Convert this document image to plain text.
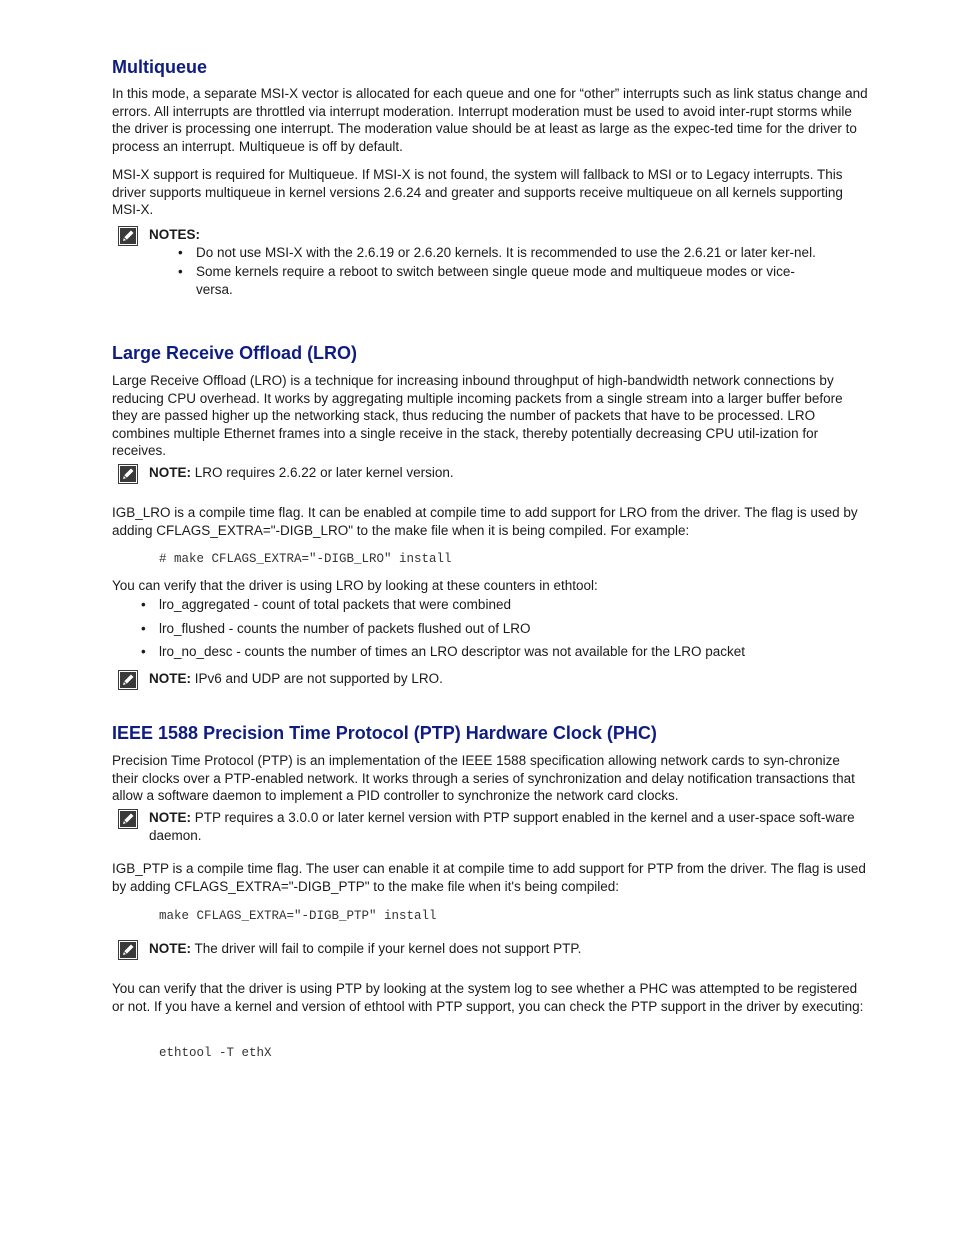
Multiqueue

In this mode, a separate MSI-X vector is allocated for each queue and one for “other” interrupts such as link status change and errors. All interrupts are throttled via interrupt moderation. Interrupt moderation must be used to avoid inter-rupt storms while the driver is processing one interrupt. The moderation value should be at least as large as the expec-ted time for the driver to process an interrupt. Multiqueue is off by default.

MSI-X support is required for Multiqueue. If MSI-X is not found, the system will fallback to MSI or to Legacy interrupts. This driver supports multiqueue in kernel versions 2.6.24 and greater and supports receive multiqueue on all kernels supporting MSI-X.

NOTES:
• Do not use MSI-X with the 2.6.19 or 2.6.20 kernels. It is recommended to use the 2.6.21 or later ker-nel.
• Some kernels require a reboot to switch between single queue mode and multiqueue modes or vice-versa.
Large Receive Offload (LRO)

Large Receive Offload (LRO) is a technique for increasing inbound throughput of high-bandwidth network connections by reducing CPU overhead. It works by aggregating multiple incoming packets from a single stream into a larger buffer before they are passed higher up the networking stack, thus reducing the number of packets that have to be processed. LRO combines multiple Ethernet frames into a single receive in the stack, thereby potentially decreasing CPU util-ization for receives.

NOTE: LRO requires 2.6.22 or later kernel version.

IGB_LRO is a compile time flag. It can be enabled at compile time to add support for LRO from the driver. The flag is used by adding CFLAGS_EXTRA="-DIGB_LRO" to the make file when it is being compiled. For example:

# make CFLAGS_EXTRA="-DIGB_LRO" install

You can verify that the driver is using LRO by looking at these counters in ethtool:

• lro_aggregated - count of total packets that were combined
• lro_flushed - counts the number of packets flushed out of LRO
• lro_no_desc - counts the number of times an LRO descriptor was not available for the LRO packet
NOTE: IPv6 and UDP are not supported by LRO.
IEEE 1588 Precision Time Protocol (PTP) Hardware Clock (PHC)

Precision Time Protocol (PTP) is an implementation of the IEEE 1588 specification allowing network cards to syn-chronize their clocks over a PTP-enabled network. It works through a series of synchronization and delay notification transactions that allow a software daemon to implement a PID controller to synchronize the network card clocks.

NOTE: PTP requires a 3.0.0 or later kernel version with PTP support enabled in the kernel and a user-space soft-ware daemon.

IGB_PTP is a compile time flag. The user can enable it at compile time to add support for PTP from the driver. The flag is used by adding CFLAGS_EXTRA="-DIGB_PTP" to the make file when it's being compiled:

make CFLAGS_EXTRA="-DIGB_PTP" install

NOTE: The driver will fail to compile if your kernel does not support PTP.

You can verify that the driver is using PTP by looking at the system log to see whether a PHC was attempted to be registered or not. If you have a kernel and version of ethtool with PTP support, you can check the PTP support in the driver by executing:

ethtool -T ethX
